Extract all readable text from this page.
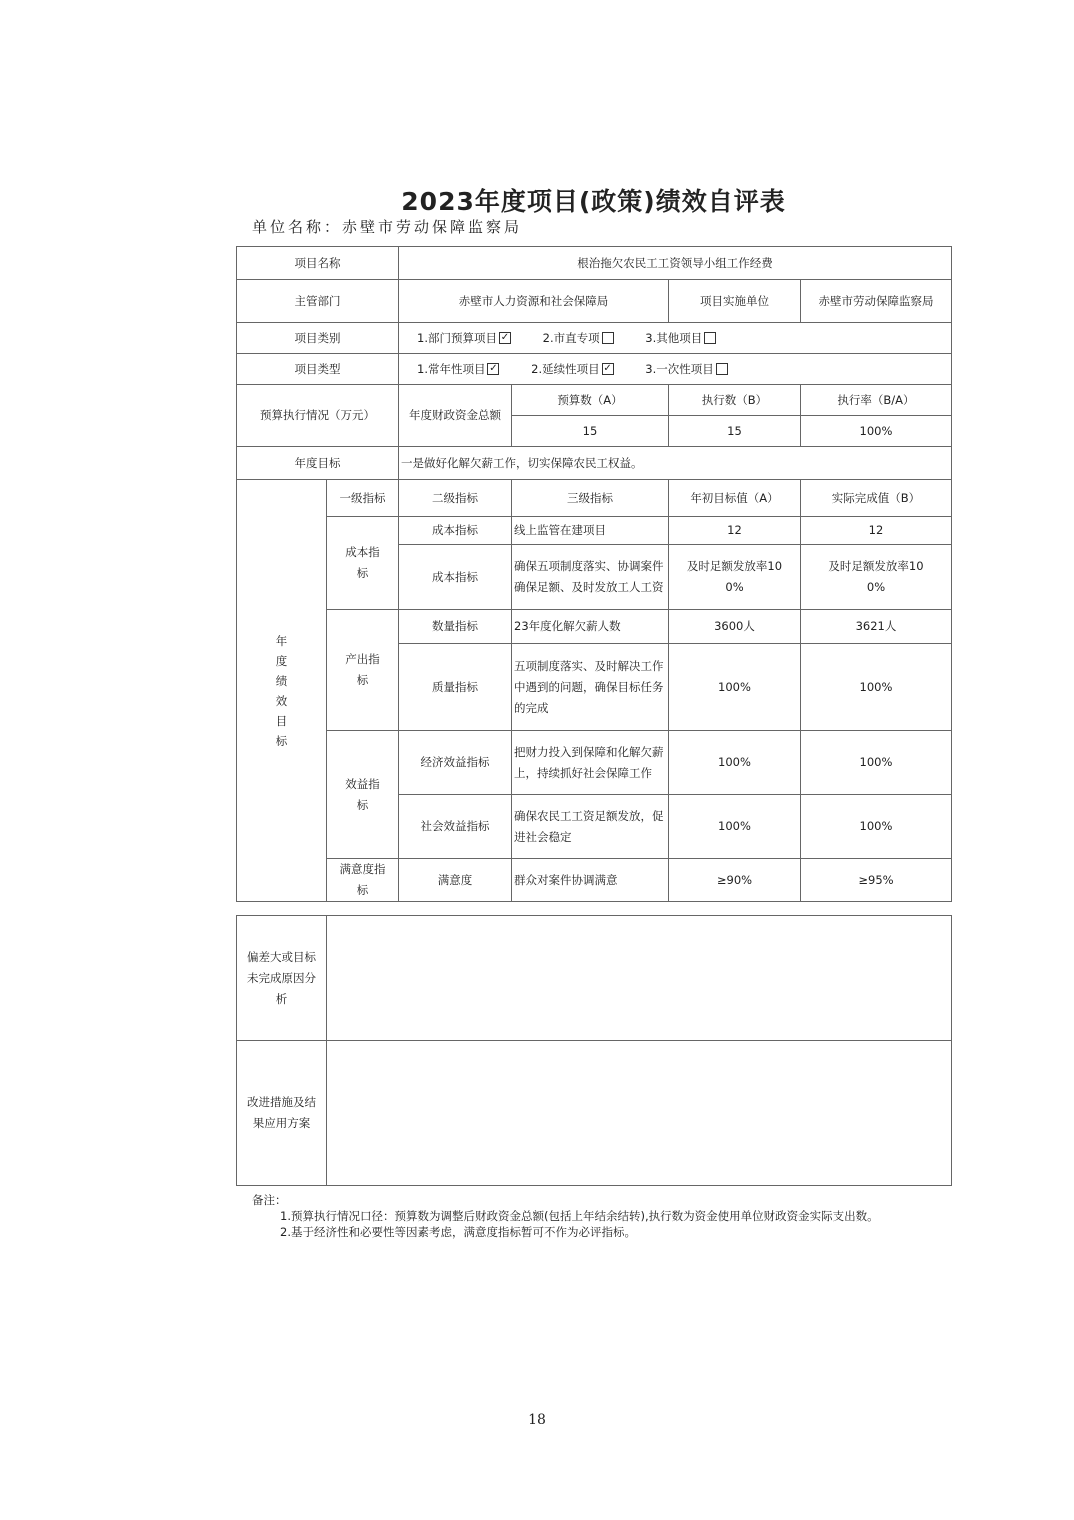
2023年度项目(政策)绩效自评表
单位名称：赤壁市劳动保障监察局
项目名称		根治拖欠农民工工资领导小组工作经费			
主管部门		赤壁市人力资源和社会保障局		项目实施单位	赤壁市劳动保障监察局
项目类别		1.部门预算项目 ✓ 2.市直专项 3.其他项目			
项目类型		1.常年性项目 ✓ 2.延续性项目 ✓ 3.一次性项目			
预算执行情况（万元）		年度财政资金总额	预算数（A）	执行数（B）	执行率（B/A）
			15	15	100%
年度目标		一是做好化解欠薪工作，切实保障农民工权益。			
年度绩效目标	一级指标	二级指标	三级指标	年初目标值（A）	实际完成值（B）
	成本指标	成本指标	线上监管在建项目	12	12
		成本指标	确保五项制度落实、协调案件确保足额、及时发放工人工资	及时足额发放率100%	及时足额发放率100%
	产出指标	数量指标	23年度化解欠薪人数	3600人	3621人
		质量指标	五项制度落实、及时解决工作中遇到的问题，确保目标任务的完成	100%	100%
	效益指标	经济效益指标	把财力投入到保障和化解欠薪上，持续抓好社会保障工作	100%	100%
		社会效益指标	确保农民工工资足额发放，促进社会稳定	100%	100%
	满意度指标	满意度	群众对案件协调满意	≥90%	≥95%
偏差大或目标未完成原因分析	
改进措施及结果应用方案	
备注：
1.预算执行情况口径：预算数为调整后财政资金总额(包括上年结余结转),执行数为资金使用单位财政资金实际支出数。
2.基于经济性和必要性等因素考虑，满意度指标暂可不作为必评指标。
18
